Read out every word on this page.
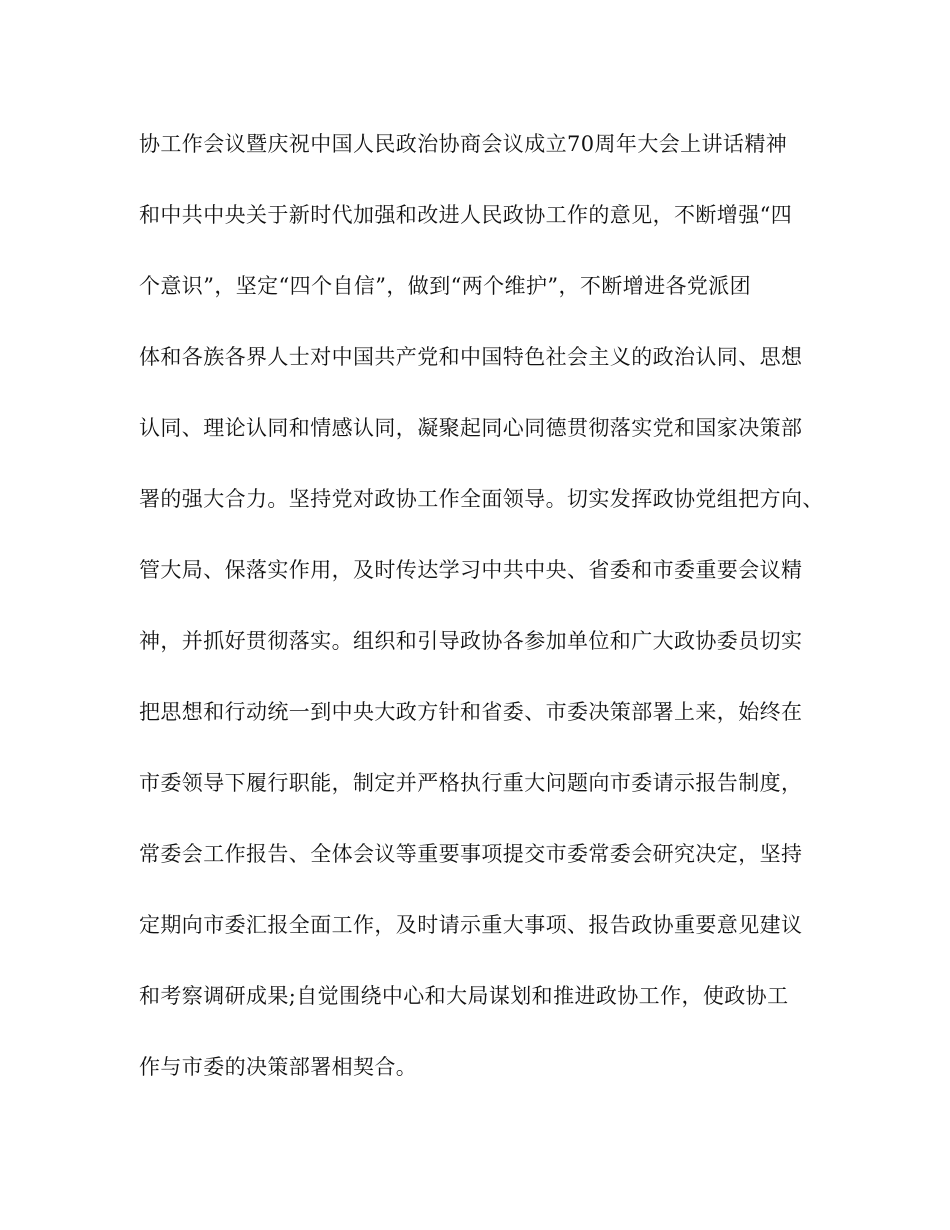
协工作会议暨庆祝中国人民政治协商会议成立70周年大会上讲话精神
和中共中央关于新时代加强和改进人民政协工作的意见，不断增强“四
个意识”，坚定“四个自信”，做到“两个维护”，不断增进各党派团
体和各族各界人士对中国共产党和中国特色社会主义的政治认同、思想
认同、理论认同和情感认同，凝聚起同心同德贯彻落实党和国家决策部
署的强大合力。坚持党对政协工作全面领导。切实发挥政协党组把方向、
管大局、保落实作用，及时传达学习中共中央、省委和市委重要会议精
神，并抓好贯彻落实。组织和引导政协各参加单位和广大政协委员切实
把思想和行动统一到中央大政方针和省委、市委决策部署上来，始终在
市委领导下履行职能，制定并严格执行重大问题向市委请示报告制度，
常委会工作报告、全体会议等重要事项提交市委常委会研究决定，坚持
定期向市委汇报全面工作，及时请示重大事项、报告政协重要意见建议
和考察调研成果;自觉围绕中心和大局谋划和推进政协工作，使政协工
作与市委的决策部署相契合。
